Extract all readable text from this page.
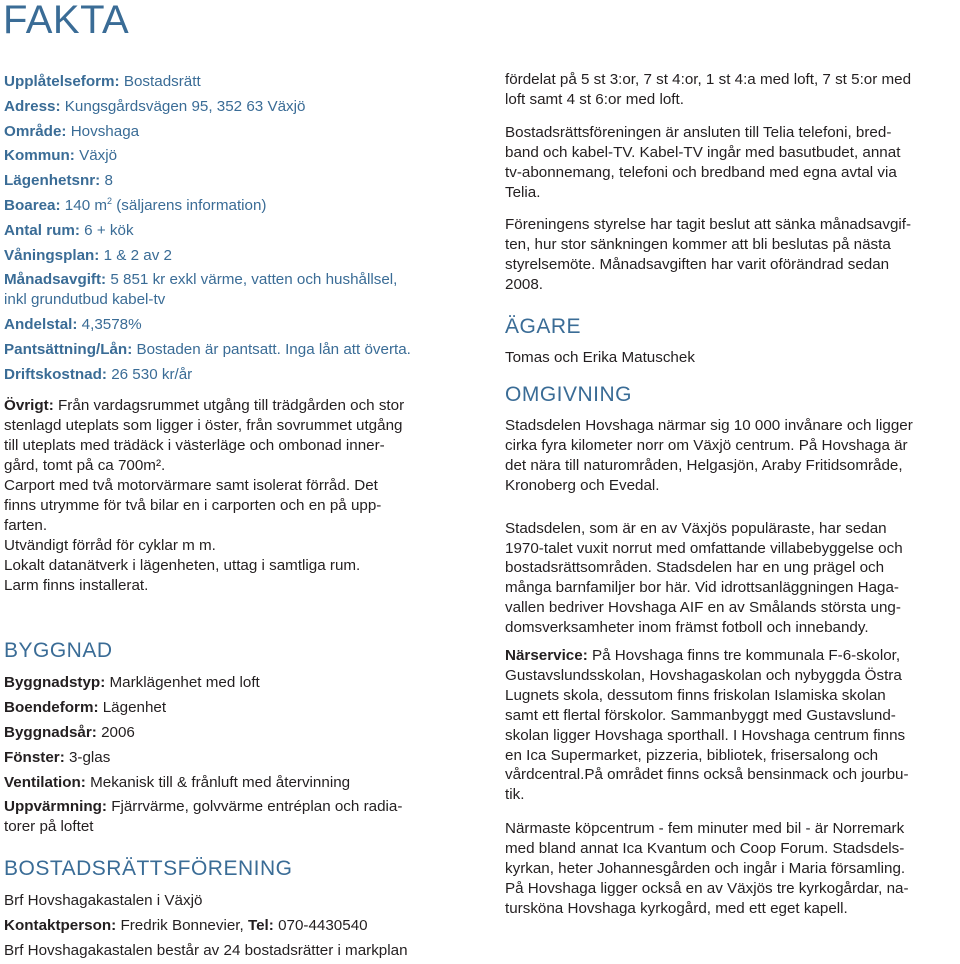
FAKTA
Upplåtelseform: Bostadsrätt
Adress: Kungsgårdsvägen 95, 352 63 Växjö
Område: Hovshaga
Kommun: Växjö
Lägenhetsnr: 8
Boarea: 140 $m^2$ (säljarens information)
Antal rum: 6 + kök
Våningsplan: 1 & 2 av 2
Månadsavgift: 5 851 kr exkl värme, vatten och hushållsel,
inkl grundutbud kabel-tv
Andelstal: 4,3578%
Pantsättning/Lån: Bostaden är pantsatt. Inga lån att överta.
Driftskostnad: 26 530 kr/år
Övrigt: Från vardagsrummet utgång till trädgården och stor
stenlagd uteplats som ligger i öster, från sovrummet utgång
till uteplats med trädäck i västerläge och ombonad inner-
gård, tomt på ca 700m².
Carport med två motorvärmare samt isolerat förråd. Det
finns utrymme för två bilar en i carporten och en på upp-
farten.
Utvändigt förråd för cyklar m m.
Lokalt datanätverk i lägenheten, uttag i samtliga rum.
Larm finns installerat.
BYGGNAD
Byggnadstyp: Marklägenhet med loft
Boendeform: Lägenhet
Byggnadsår: 2006
Fönster: 3-glas
Ventilation: Mekanisk till & frånluft med återvinning
Uppvärmning: Fjärrvärme, golvvärme entréplan och radia-
torer på loftet
BOSTADSRÄTTSFÖRENING
Brf Hovshagakastalen i Växjö
Kontaktperson: Fredrik Bonnevier, Tel: 070-4430540
Brf Hovshagakastalen består av 24 bostadsrätter i markplan

fördelat på 5 st 3:or, 7 st 4:or, 1 st 4:a med loft, 7 st 5:or med
loft samt 4 st 6:or med loft.

Bostadsrättsföreningen är ansluten till Telia telefoni, bred-
band och kabel-TV. Kabel-TV ingår med basutbudet, annat
tv-abonnemang, telefoni och bredband med egna avtal via
Telia.

Föreningens styrelse har tagit beslut att sänka månadsavgif-
ten, hur stor sänkningen kommer att bli beslutas på nästa
styrelsemöte. Månadsavgiften har varit oförändrad sedan
2008.

ÄGARE

Tomas och Erika Matuschek

OMGIVNING

Stadsdelen Hovshaga närmar sig 10 000 invånare och ligger
cirka fyra kilometer norr om Växjö centrum. På Hovshaga är
det nära till naturområden, Helgasjön, Araby Fritidsområde,
Kronoberg och Evedal.

Stadsdelen, som är en av Växjös populäraste, har sedan
1970-talet vuxit norrut med omfattande villabebyggelse och
bostadsrättsområden. Stadsdelen har en ung prägel och
många barnfamiljer bor här. Vid idrottsanläggningen Haga-
vallen bedriver Hovshaga AIF en av Smålands största ung-
domsverksamheter inom främst fotboll och innebandy.

Närservice: På Hovshaga finns tre kommunala F-6-skolor,
Gustavslundsskolan, Hovshagaskolan och nybyggda Östra
Lugnets skola, dessutom finns friskolan Islamiska skolan
samt ett flertal förskolor. Sammanbyggt med Gustavslund-
skolan ligger Hovshaga sporthall. I Hovshaga centrum finns
en Ica Supermarket, pizzeria, bibliotek, frisersalong och
vårdcentral.På området finns också bensinmack och jourbu-
tik.

Närmaste köpcentrum - fem minuter med bil - är Norremark
med bland annat Ica Kvantum och Coop Forum. Stadsdels-
kyrkan, heter Johannesgården och ingår i Maria församling.
På Hovshaga ligger också en av Växjös tre kyrkogårdar, na-
tursköna Hovshaga kyrkogård, med ett eget kapell.
